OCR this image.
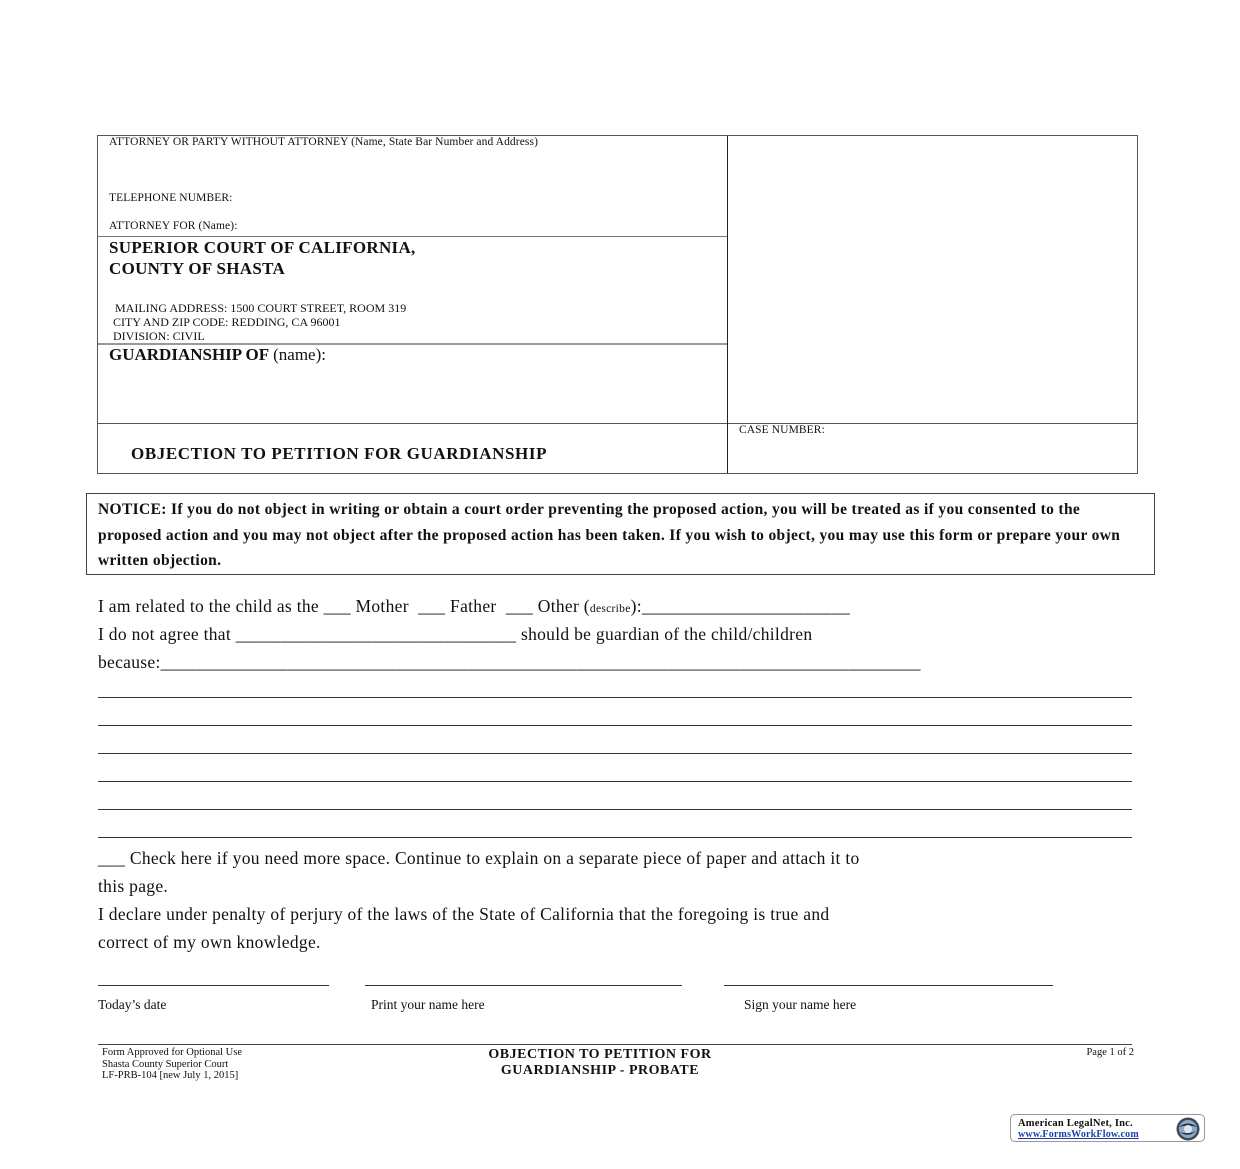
ATTORNEY OR PARTY WITHOUT ATTORNEY (Name, State Bar Number and Address)
TELEPHONE NUMBER:
ATTORNEY FOR (Name):
SUPERIOR COURT OF CALIFORNIA,
COUNTY OF SHASTA
MAILING ADDRESS: 1500 COURT STREET, ROOM 319
CITY AND ZIP CODE: REDDING, CA 96001
DIVISION: CIVIL
GUARDIANSHIP OF (name):
OBJECTION TO PETITION FOR GUARDIANSHIP
CASE NUMBER:
NOTICE: If you do not object in writing or obtain a court order preventing the proposed action, you will be treated as if you consented to the proposed action and you may not object after the proposed action has been taken. If you wish to object, you may use this form or prepare your own written objection.
I am related to the child as the ___ Mother ___ Father ___ Other (describe):_______________________
I do not agree that _______________________________ should be guardian of the child/children
because:____________________________________________________________________________________
___ Check here if you need more space. Continue to explain on a separate piece of paper and attach it to
this page.
I declare under penalty of perjury of the laws of the State of California that the foregoing is true and
correct of my own knowledge.
Today’s date	Print your name here	Sign your name here
Form Approved for Optional Use
Shasta County Superior Court
LF-PRB-104 [new July 1, 2015]
OBJECTION TO PETITION FOR
GUARDIANSHIP - PROBATE
Page 1 of 2
American LegalNet, Inc.
www.FormsWorkFlow.com
